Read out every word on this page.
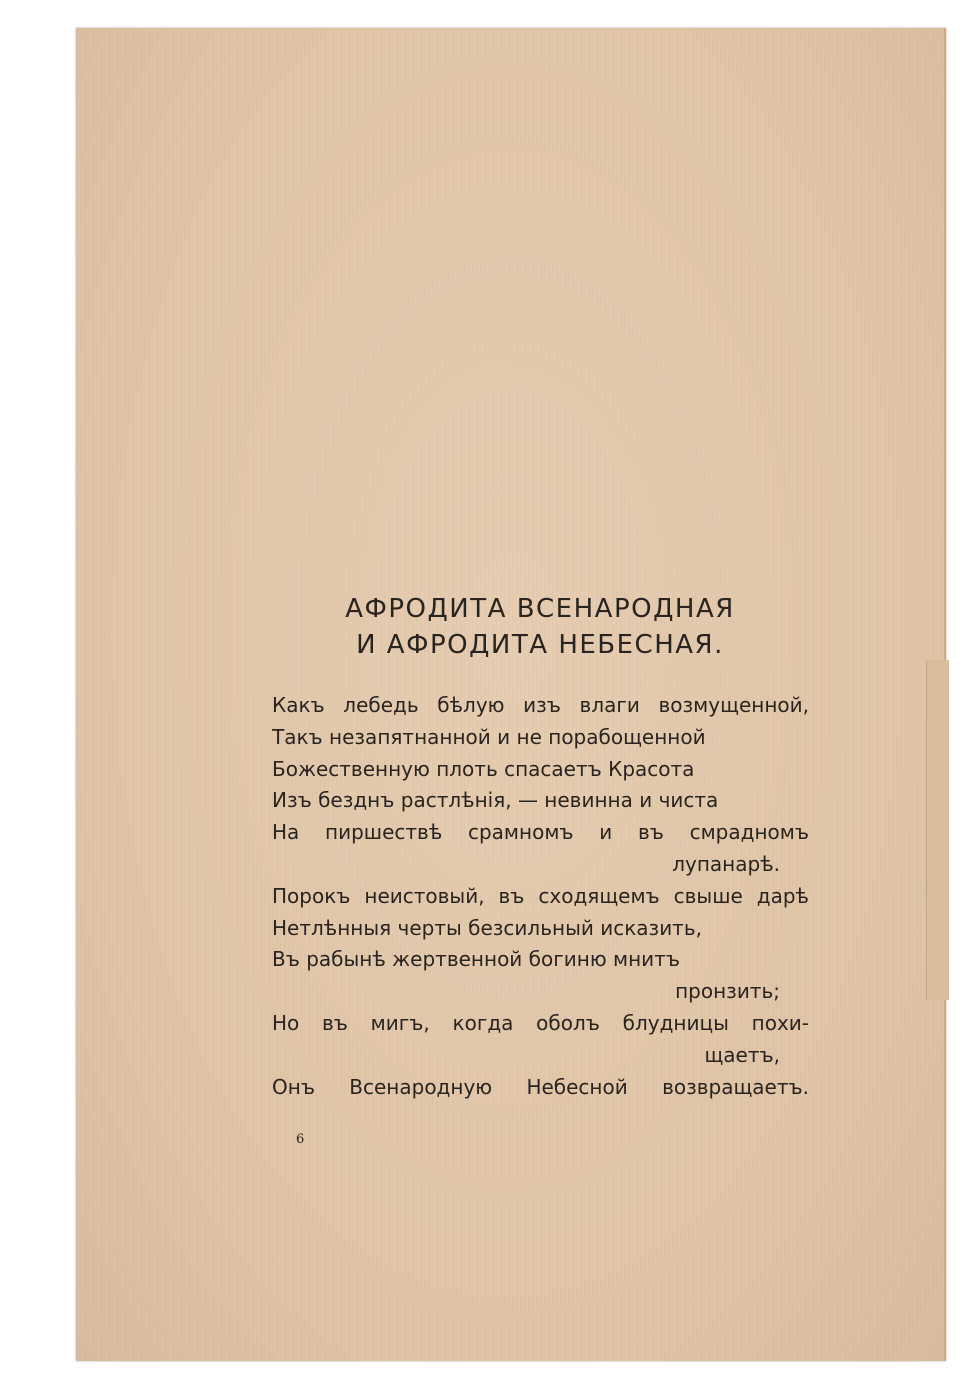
АФРОДИТА ВСЕНАРОДНАЯ
И АФРОДИТА НЕБЕСНАЯ.
Какъ лебедь бѣлую изъ влаги возмущенной,
Такъ незапятнанной и не порабощенной
Божественную плоть спасаетъ Красота
Изъ безднъ растлѣнія, — невинна и чиста
На пиршествѣ срамномъ и въ смрадномъ
лупанарѣ.
Порокъ неистовый, въ сходящемъ свыше дарѣ
Нетлѣнныя черты безсильный исказить,
Въ рабынѣ жертвенной богиню мнитъ
пронзить;
Но въ мигъ, когда оболъ блудницы похи-
щаетъ,
Онъ Всенародную Небесной возвращаетъ.
6
